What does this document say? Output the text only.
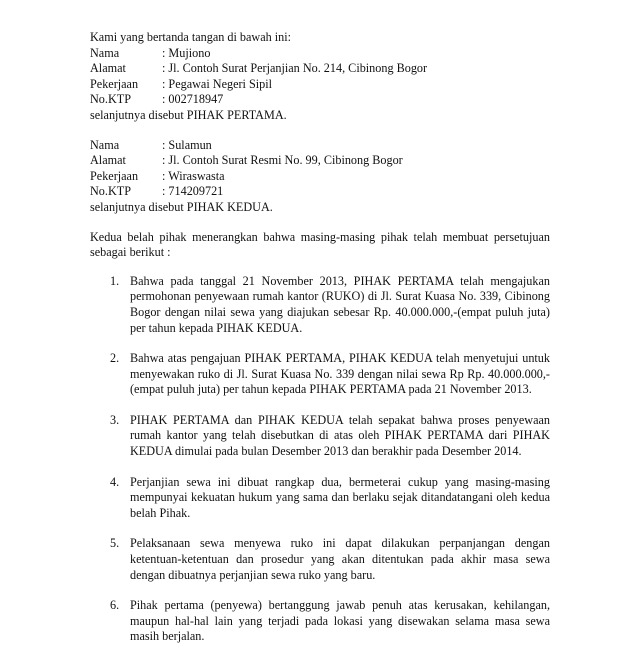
Kami yang bertanda tangan di bawah ini:

Nama	: Mujiono
Alamat	: Jl. Contoh Surat Perjanjian No. 214, Cibinong Bogor
Pekerjaan	: Pegawai Negeri Sipil
No.KTP	: 002718947

selanjutnya disebut PIHAK PERTAMA.

Nama	: Sulamun
Alamat	: Jl. Contoh Surat Resmi No. 99, Cibinong Bogor
Pekerjaan	: Wiraswasta
No.KTP	: 714209721

selanjutnya disebut PIHAK KEDUA.

Kedua belah pihak menerangkan bahwa masing-masing pihak telah membuat persetujuan sebagai berikut :

1. Bahwa pada tanggal 21 November 2013, PIHAK PERTAMA telah mengajukan permohonan penyewaan rumah kantor (RUKO) di Jl. Surat Kuasa No. 339, Cibinong Bogor dengan nilai sewa yang diajukan sebesar Rp. 40.000.000,-(empat puluh juta) per tahun kepada PIHAK KEDUA.
2. Bahwa atas pengajuan PIHAK PERTAMA, PIHAK KEDUA telah menyetujui untuk menyewakan ruko di Jl. Surat Kuasa No. 339 dengan nilai sewa Rp Rp. 40.000.000,-(empat puluh juta) per tahun kepada PIHAK PERTAMA pada 21 November 2013.
3. PIHAK PERTAMA dan PIHAK KEDUA telah sepakat bahwa proses penyewaan rumah kantor yang telah disebutkan di atas oleh PIHAK PERTAMA dari PIHAK KEDUA dimulai pada bulan Desember 2013 dan berakhir pada Desember 2014.
4. Perjanjian sewa ini dibuat rangkap dua, bermeterai cukup yang masing-masing mempunyai kekuatan hukum yang sama dan berlaku sejak ditandatangani oleh kedua belah Pihak.
5. Pelaksanaan sewa menyewa ruko ini dapat dilakukan perpanjangan dengan ketentuan-ketentuan dan prosedur yang akan ditentukan pada akhir masa sewa dengan dibuatnya perjanjian sewa ruko yang baru.
6. Pihak pertama (penyewa) bertanggung jawab penuh atas kerusakan, kehilangan, maupun hal-hal lain yang terjadi pada lokasi yang disewakan selama masa sewa masih berjalan.
